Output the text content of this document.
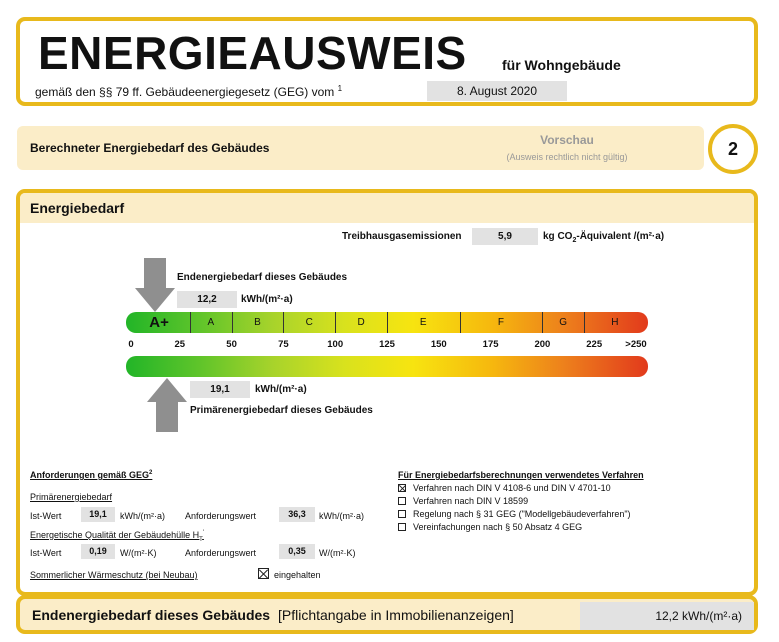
ENERGIEAUSWEIS	für Wohngebäude
gemäß den §§ 79 ff. Gebäudeenergiegesetz (GEG) vom $^1$	8. August 2020
Berechneter Energiebedarf des Gebäudes
Vorschau
(Ausweis rechtlich nicht gültig)	2
Energiebedarf
Treibhausgasemissionen	5,9	kg $CO_2$-Äquivalent /(m²·a)
Endenergiebedarf dieses Gebäudes
12,2	kWh/(m²·a)
A+	A	B	C	D	E	F	G	H
0	25	50	75	100	125	150	175	200	225 >250
19,1	kWh/(m²·a)
Primärenergiebedarf dieses Gebäudes
Anforderungen gemäß GEG$^2$
Primärenergiebedarf
Ist-Wert	19,1	kWh/(m²·a) Anforderungswert	36,3	kWh/(m²·a)
Energetische Qualität der Gebäudehülle $H_T'$
Ist-Wert	0,19	W/(m²·K)	Anforderungswert	0,35	W/(m²·K)
Sommerlicher Wärmeschutz (bei Neubau)	eingehalten
Für Energiebedarfsberechnungen verwendetes Verfahren
Verfahren nach DIN V 4108-6 und DIN V 4701-10
Verfahren nach DIN V 18599
Regelung nach § 31 GEG ("Modellgebäudeverfahren")
Vereinfachungen nach § 50 Absatz 4 GEG
Endenergiebedarf dieses Gebäudes [Pflichtangabe in Immobilienanzeigen]	12,2 kWh/(m²·a)
